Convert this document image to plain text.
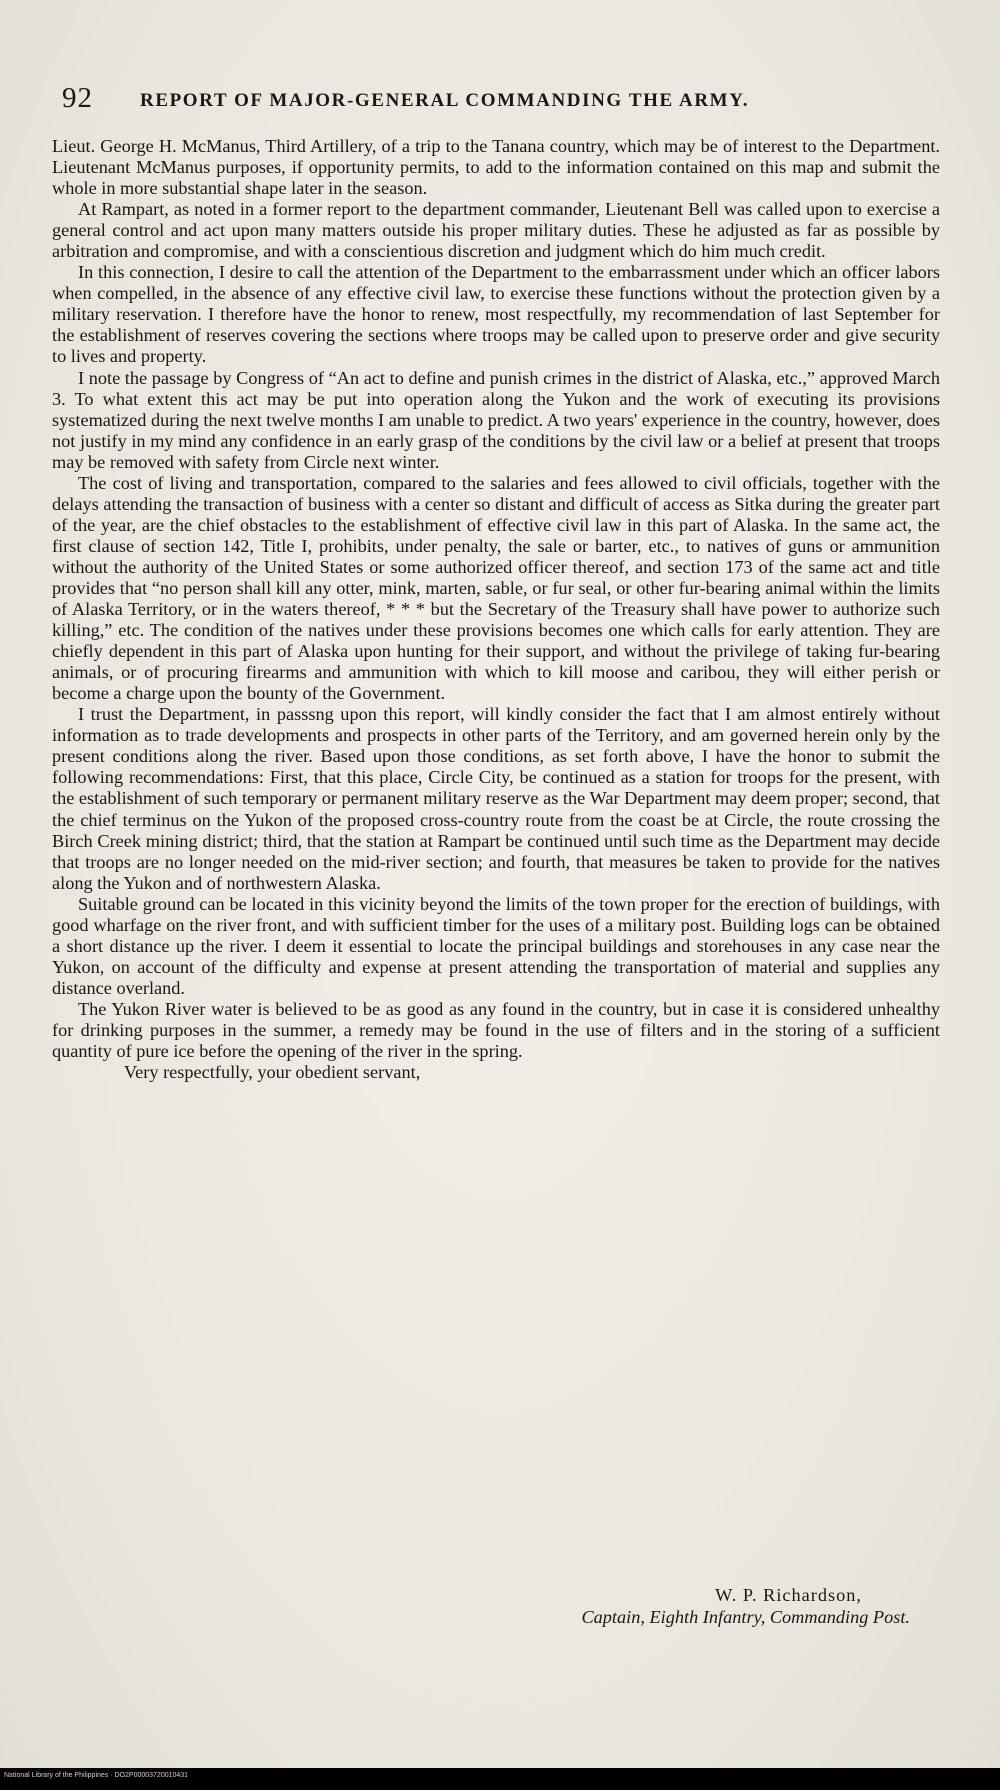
92 REPORT OF MAJOR-GENERAL COMMANDING THE ARMY.

Lieut. George H. McManus, Third Artillery, of a trip to the Tanana country, which may be of interest to the Department. Lieutenant McManus purposes, if opportunity permits, to add to the information contained on this map and submit the whole in more substantial shape later in the season.

At Rampart, as noted in a former report to the department commander, Lieutenant Bell was called upon to exercise a general control and act upon many matters outside his proper military duties. These he adjusted as far as possible by arbitration and compromise, and with a conscientious discretion and judgment which do him much credit.

In this connection, I desire to call the attention of the Department to the embarrassment under which an officer labors when compelled, in the absence of any effective civil law, to exercise these functions without the protection given by a military reservation. I therefore have the honor to renew, most respectfully, my recommendation of last September for the establishment of reserves covering the sections where troops may be called upon to preserve order and give security to lives and property.

I note the passage by Congress of “An act to define and punish crimes in the district of Alaska, etc.,” approved March 3. To what extent this act may be put into operation along the Yukon and the work of executing its provisions systematized during the next twelve months I am unable to predict. A two years' experience in the country, however, does not justify in my mind any confidence in an early grasp of the conditions by the civil law or a belief at present that troops may be removed with safety from Circle next winter.

The cost of living and transportation, compared to the salaries and fees allowed to civil officials, together with the delays attending the transaction of business with a center so distant and difficult of access as Sitka during the greater part of the year, are the chief obstacles to the establishment of effective civil law in this part of Alaska. In the same act, the first clause of section 142, Title I, prohibits, under penalty, the sale or barter, etc., to natives of guns or ammunition without the authority of the United States or some authorized officer thereof, and section 173 of the same act and title provides that “no person shall kill any otter, mink, marten, sable, or fur seal, or other fur-bearing animal within the limits of Alaska Territory, or in the waters thereof, * * * but the Secretary of the Treasury shall have power to authorize such killing,” etc. The condition of the natives under these provisions becomes one which calls for early attention. They are chiefly dependent in this part of Alaska upon hunting for their support, and without the privilege of taking fur-bearing animals, or of procuring firearms and ammunition with which to kill moose and caribou, they will either perish or become a charge upon the bounty of the Government.

I trust the Department, in passsng upon this report, will kindly consider the fact that I am almost entirely without information as to trade developments and prospects in other parts of the Territory, and am governed herein only by the present conditions along the river. Based upon those conditions, as set forth above, I have the honor to submit the following recommendations: First, that this place, Circle City, be continued as a station for troops for the present, with the establishment of such temporary or permanent military reserve as the War Department may deem proper; second, that the chief terminus on the Yukon of the proposed cross-country route from the coast be at Circle, the route crossing the Birch Creek mining district; third, that the station at Rampart be continued until such time as the Department may decide that troops are no longer needed on the mid-river section; and fourth, that measures be taken to provide for the natives along the Yukon and of northwestern Alaska.

Suitable ground can be located in this vicinity beyond the limits of the town proper for the erection of buildings, with good wharfage on the river front, and with sufficient timber for the uses of a military post. Building logs can be obtained a short distance up the river. I deem it essential to locate the principal buildings and storehouses in any case near the Yukon, on account of the difficulty and expense at present attending the transportation of material and supplies any distance overland.

The Yukon River water is believed to be as good as any found in the country, but in case it is considered unhealthy for drinking purposes in the summer, a remedy may be found in the use of filters and in the storing of a sufficient quantity of pure ice before the opening of the river in the spring.

Very respectfully, your obedient servant,

W. P. Richardson,
Captain, Eighth Infantry, Commanding Post.
National Library of the Philippines · DO2P00003720010431
